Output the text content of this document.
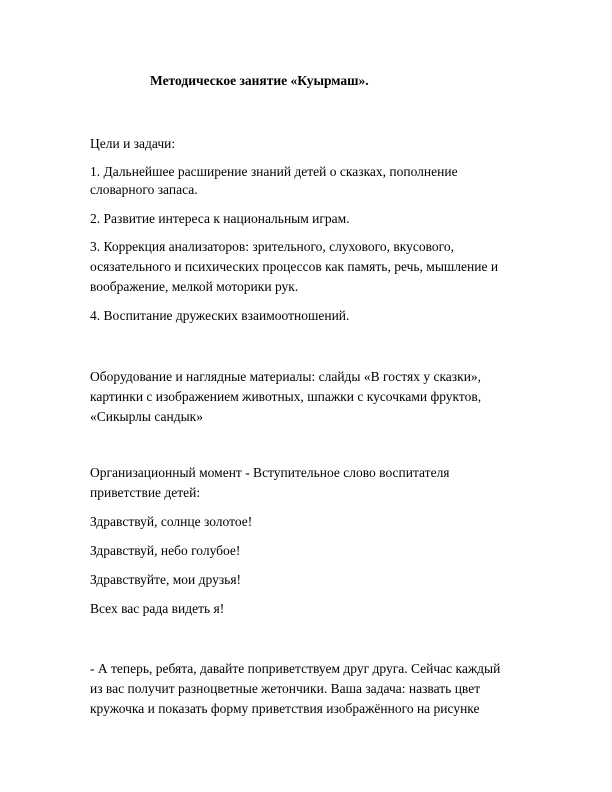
Методическое занятие «Куырмаш».

Цели и задачи:

1. Дальнейшее расширение знаний детей о сказках, пополнение

словарного запаса.

2. Развитие интереса к национальным играм.

3. Коррекция анализаторов: зрительного, слухового, вкусового,

осязательного и психических процессов как память, речь, мышление и

воображение, мелкой моторики рук.

4. Воспитание дружеских взаимоотношений.

Оборудование и наглядные материалы: слайды «В гостях у сказки»,

картинки с изображением животных, шпажки с кусочками фруктов,

«Сикырлы сандык»

Организационный момент - Вступительное слово воспитателя

приветствие детей:

Здравствуй, солнце золотое!

Здравствуй, небо голубое!

Здравствуйте, мои друзья!

Всех вас рада видеть я!

- А теперь, ребята, давайте поприветствуем друг друга. Сейчас каждый

из вас получит разноцветные жетончики. Ваша задача: назвать цвет

кружочка и показать форму приветствия изображённого на рисунке
